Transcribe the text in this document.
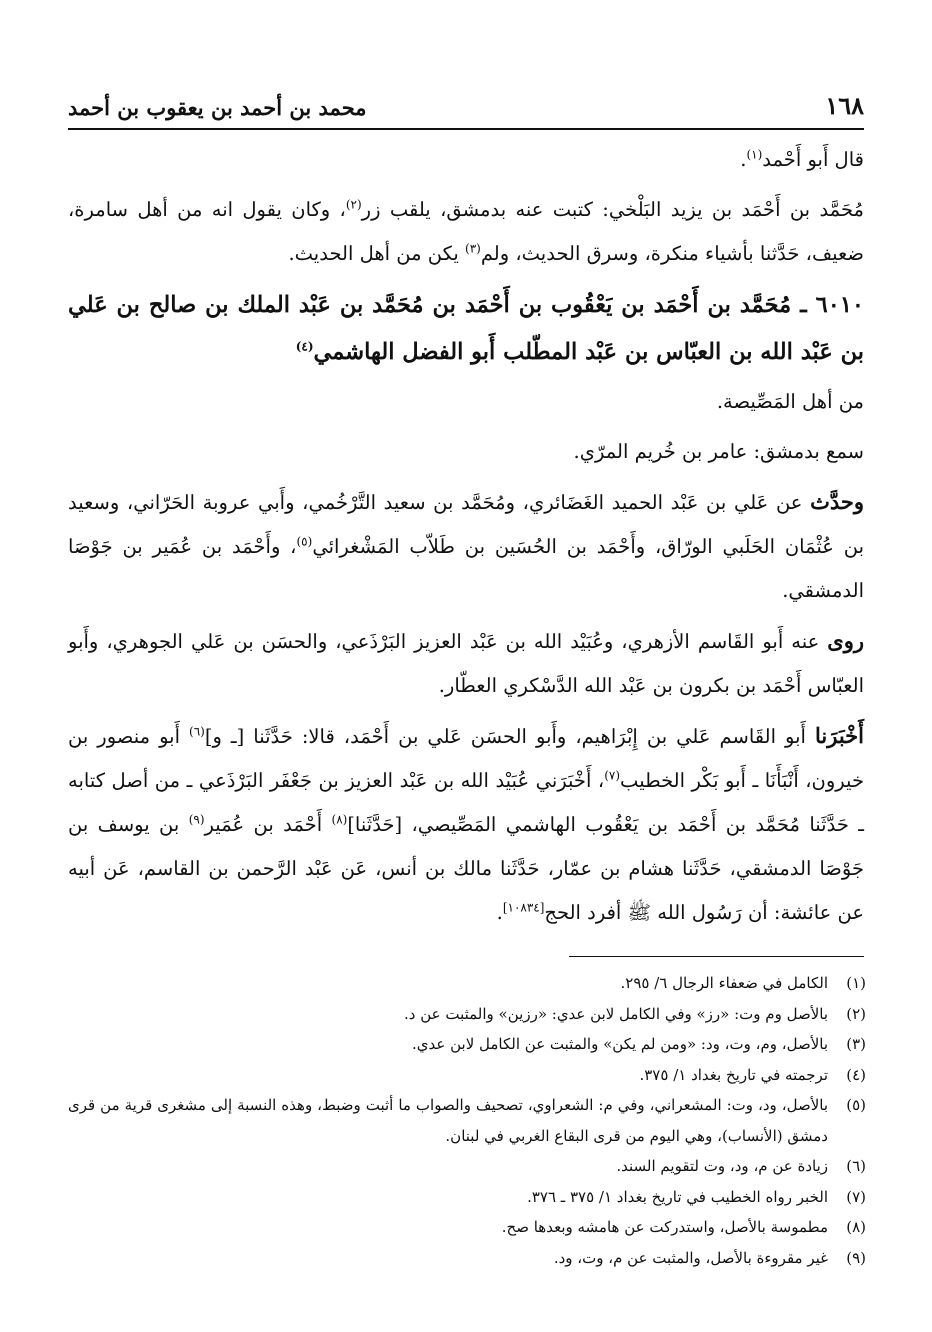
١٦٨
محمد بن أحمد بن يعقوب بن أحمد

قال أَبو أَحْمد$^{(١)}$.

مُحَمَّد بن أَحْمَد بن يزيد البَلْخي: كتبت عنه بدمشق، يلقب زر$^{(٢)}$، وكان يقول انه من أهل سامرة، ضعيف، حَدَّثنا بأشياء منكرة، وسرق الحديث، ولم$^{(٣)}$ يكن من أهل الحديث.

٦٠١٠ ـ مُحَمَّد بن أَحْمَد بن يَعْقُوب بن أَحْمَد بن مُحَمَّد بن عَبْد الملك بن صالح بن عَلي بن عَبْد الله بن العبّاس بن عَبْد المطّلب أَبو الفضل الهاشمي$^{(٤)}$

من أهل المَصِّيصة.

سمع بدمشق: عامر بن خُريم المرّي.

وحدَّث عن عَلي بن عَبْد الحميد الغَضَائري، ومُحَمَّد بن سعيد التَّرْخُمي، وأَبي عروبة الحَرّاني، وسعيد بن عُثْمَان الحَلَبي الورّاق، وأَحْمَد بن الحُسَين بن طَلاّب المَشْغرائي$^{(٥)}$، وأَحْمَد بن عُمَير بن جَوْصَا الدمشقي.

روى عنه أَبو القَاسم الأزهري، وعُبَيْد الله بن عَبْد العزيز البَرْذَعي، والحسَن بن عَلي الجوهري، وأَبو العبّاس أَحْمَد بن بكرون بن عَبْد الله الدَّسْكري العطّار.

أَخْبَرَنا أَبو القَاسم عَلي بن إِبْرَاهيم، وأَبو الحسَن عَلي بن أَحْمَد، قالا: حَدَّثَنا [ـ و]$^{(٦)}$ أَبو منصور بن خيرون، أَنْبَأَنَا ـ أَبو بَكْر الخطيب$^{(٧)}$، أَخْبَرَني عُبَيْد الله بن عَبْد العزيز بن جَعْفَر البَرْذَعي ـ من أصل كتابه ـ حَدَّثَنا مُحَمَّد بن أَحْمَد بن يَعْقُوب الهاشمي المَصِّيصي، [حَدَّثَنا]$^{(٨)}$ أَحْمَد بن عُمَير$^{(٩)}$ بن يوسف بن جَوْصَا الدمشقي، حَدَّثَنا هشام بن عمّار، حَدَّثَنا مالك بن أنس، عَن عَبْد الرَّحمن بن القاسم، عَن أبيه عن عائشة: أن رَسُول الله ﷺ أفرد الحج[١٠٨٣٤].

(١)
الكامل في ضعفاء الرجال ٦/ ٢٩٥.
(٢)
بالأصل وم وت: «رز» وفي الكامل لابن عدي: «رزين» والمثبت عن د.
(٣)
بالأصل، وم، وت، ود: «ومن لم يكن» والمثبت عن الكامل لابن عدي.
(٤)
ترجمته في تاريخ بغداد ١/ ٣٧٥.
(٥)
بالأصل، ود، وت: المشعراني، وفي م: الشعراوي، تصحيف والصواب ما أثبت وضبط، وهذه النسبة إلى مشغرى قرية من قرى دمشق (الأنساب)، وهي اليوم من قرى البقاع الغربي في لبنان.
(٦)
زيادة عن م، ود، وت لتقويم السند.
(٧)
الخبر رواه الخطيب في تاريخ بغداد ١/ ٣٧٥ ـ ٣٧٦.
(٨)
مطموسة بالأصل، واستدركت عن هامشه وبعدها صح.
(٩)
غير مقروءة بالأصل، والمثبت عن م، وت، ود.
